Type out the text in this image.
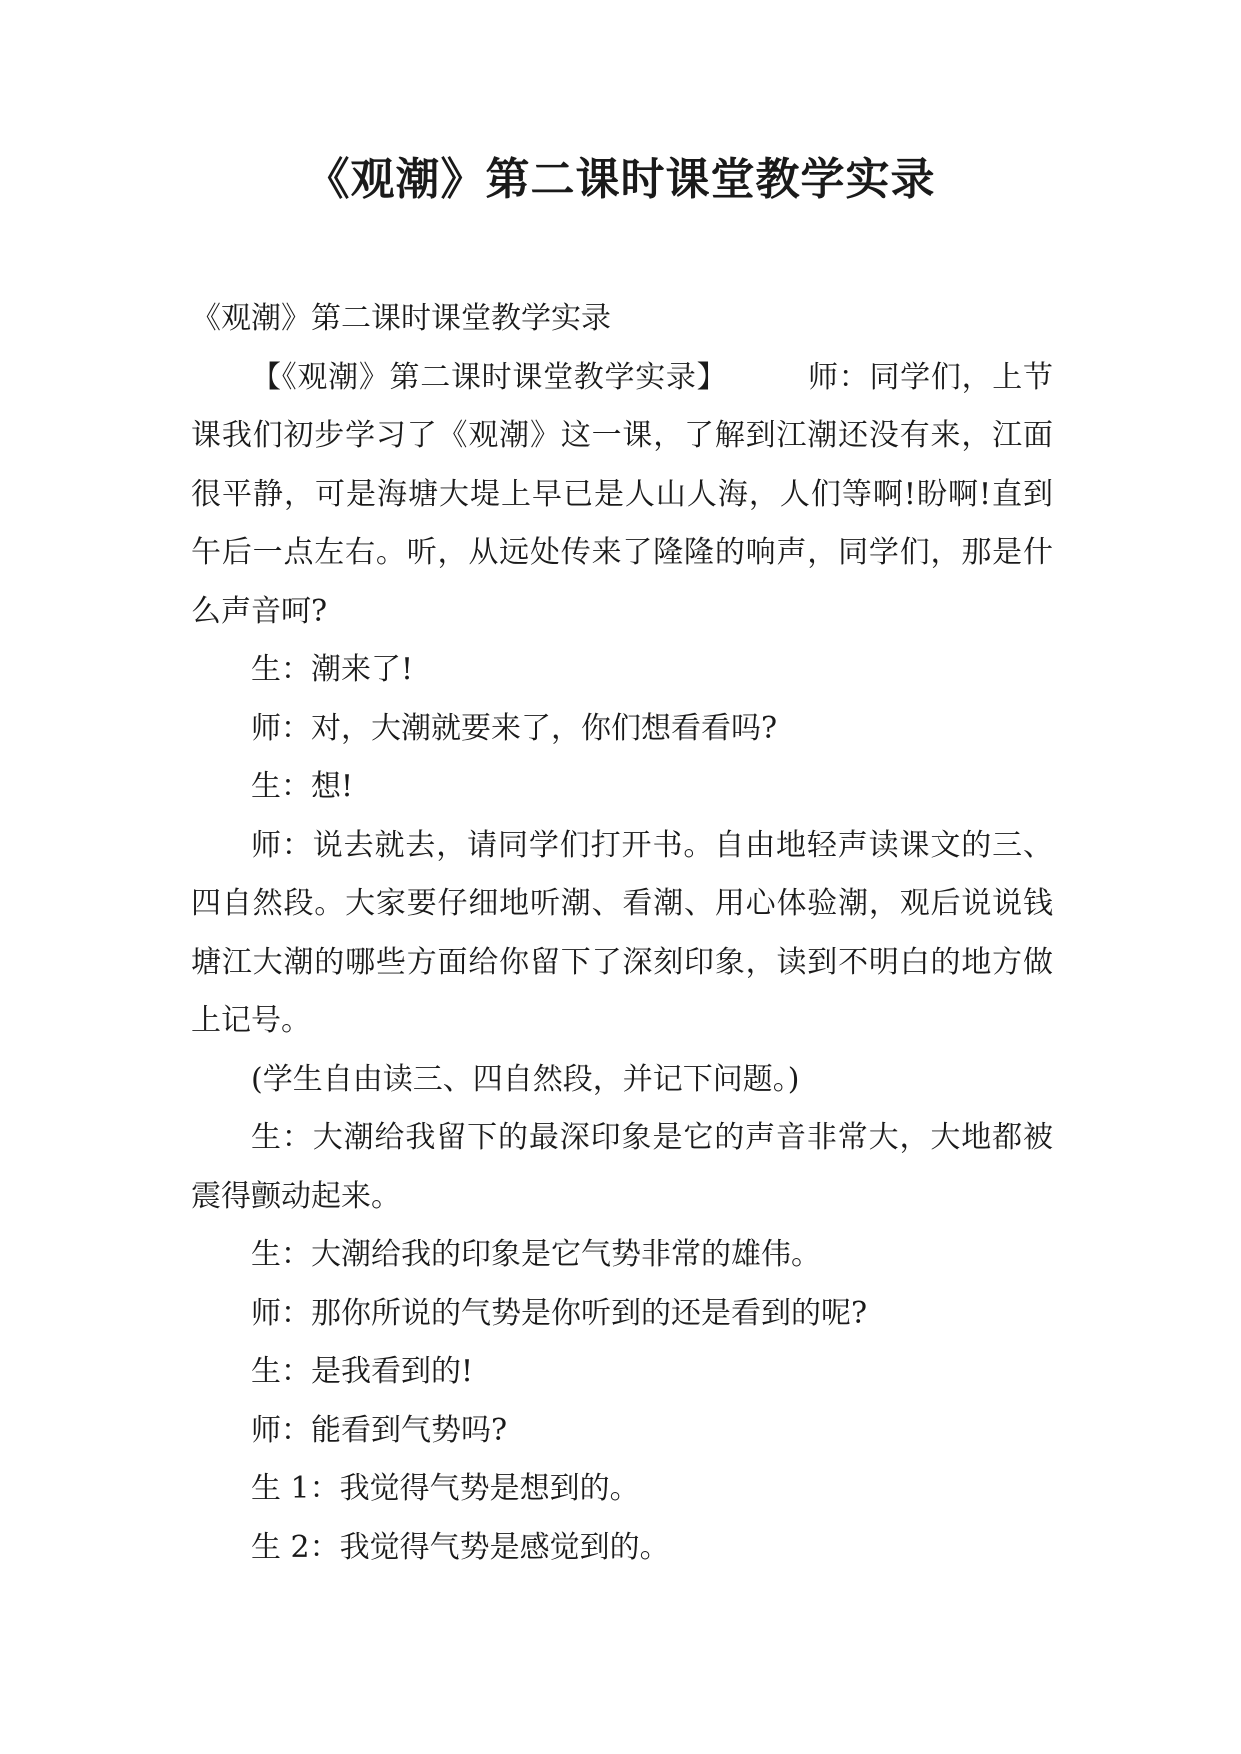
《观潮》第二课时课堂教学实录

《观潮》第二课时课堂教学实录

【《观潮》第二课时课堂教学实录】	师：同学们，上节课我们初步学习了《观潮》这一课，了解到江潮还没有来，江面很平静，可是海塘大堤上早已是人山人海，人们等啊!盼啊!直到午后一点左右。听，从远处传来了隆隆的响声，同学们，那是什么声音呵?

生：潮来了!

师：对，大潮就要来了，你们想看看吗?

生：想!

师：说去就去，请同学们打开书。自由地轻声读课文的三、四自然段。大家要仔细地听潮、看潮、用心体验潮，观后说说钱塘江大潮的哪些方面给你留下了深刻印象，读到不明白的地方做上记号。

(学生自由读三、四自然段，并记下问题。)

生：大潮给我留下的最深印象是它的声音非常大，大地都被震得颤动起来。

生：大潮给我的印象是它气势非常的雄伟。

师：那你所说的气势是你听到的还是看到的呢?

生：是我看到的!

师：能看到气势吗?

生 1：我觉得气势是想到的。

生 2：我觉得气势是感觉到的。
